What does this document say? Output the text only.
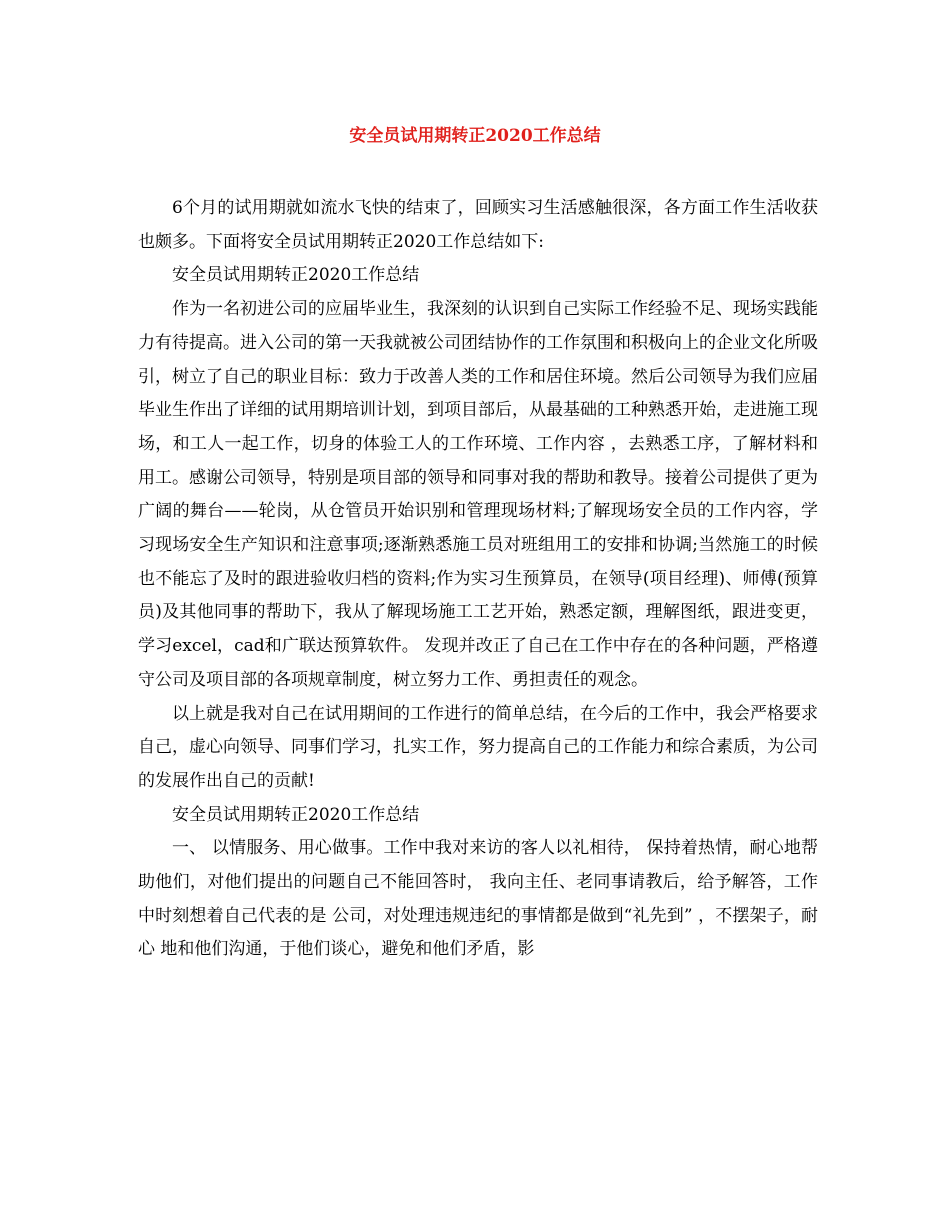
安全员试用期转正2020工作总结

6个月的试用期就如流水飞快的结束了，回顾实习生活感触很深，各方面工作生活收获也颇多。下面将安全员试用期转正2020工作总结如下:

安全员试用期转正2020工作总结

作为一名初进公司的应届毕业生，我深刻的认识到自己实际工作经验不足、现场实践能力有待提高。进入公司的第一天我就被公司团结协作的工作氛围和积极向上的企业文化所吸引，树立了自己的职业目标：致力于改善人类的工作和居住环境。然后公司领导为我们应届毕业生作出了详细的试用期培训计划，到项目部后，从最基础的工种熟悉开始，走进施工现场，和工人一起工作，切身的体验工人的工作环境、工作内容 ，去熟悉工序，了解材料和用工。感谢公司领导，特别是项目部的领导和同事对我的帮助和教导。接着公司提供了更为广阔的舞台——轮岗，从仓管员开始识别和管理现场材料;了解现场安全员的工作内容，学习现场安全生产知识和注意事项;逐渐熟悉施工员对班组用工的安排和协调;当然施工的时候也不能忘了及时的跟进验收归档的资料;作为实习生预算员，在领导(项目经理)、师傅(预算员)及其他同事的帮助下，我从了解现场施工工艺开始，熟悉定额，理解图纸，跟进变更，学习excel，cad和广联达预算软件。 发现并改正了自己在工作中存在的各种问题，严格遵守公司及项目部的各项规章制度，树立努力工作、勇担责任的观念。

以上就是我对自己在试用期间的工作进行的简单总结，在今后的工作中，我会严格要求自己，虚心向领导、同事们学习，扎实工作，努力提高自己的工作能力和综合素质，为公司的发展作出自己的贡献!

安全员试用期转正2020工作总结

一、 以情服务、用心做事。工作中我对来访的客人以礼相待， 保持着热情，耐心地帮助他们，对他们提出的问题自己不能回答时， 我向主任、老同事请教后，给予解答，工作中时刻想着自己代表的是 公司，对处理违规违纪的事情都是做到“礼先到” ，不摆架子，耐心 地和他们沟通，于他们谈心，避免和他们矛盾，影
